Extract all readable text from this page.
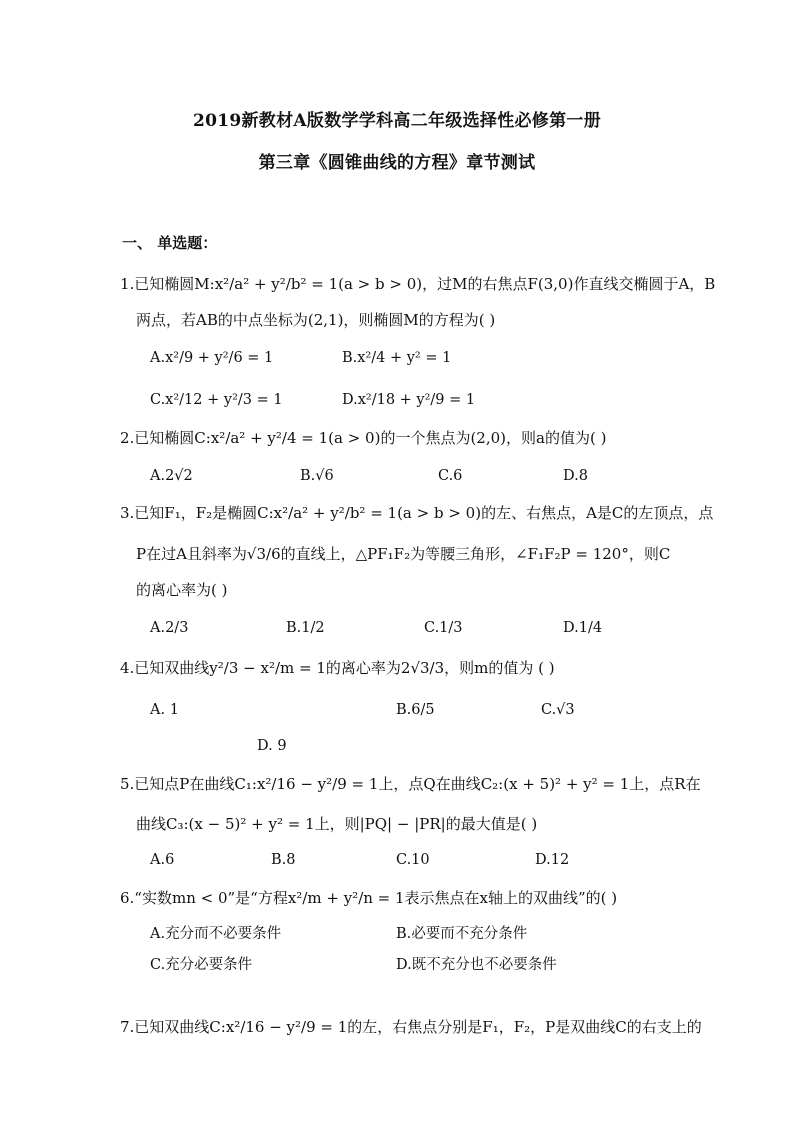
2019新教材A版数学学科高二年级选择性必修第一册
第三章《圆锥曲线的方程》章节测试
一、 单选题：
1.已知椭圆M:x²/a² + y²/b² = 1(a > b > 0)，过M的右焦点F(3,0)作直线交椭圆于A，B
两点，若AB的中点坐标为(2,1)，则椭圆M的方程为( )
A.x²/9 + y²/6 = 1	B.x²/4 + y² = 1
C.x²/12 + y²/3 = 1	D.x²/18 + y²/9 = 1
2.已知椭圆C:x²/a² + y²/4 = 1(a > 0)的一个焦点为(2,0)，则a的值为( )
A.2√2	B.√6	C.6	D.8
3.已知F₁，F₂是椭圆C:x²/a² + y²/b² = 1(a > b > 0)的左、右焦点，A是C的左顶点，点
P在过A且斜率为√3/6的直线上，△PF₁F₂为等腰三角形，∠F₁F₂P = 120°，则C
的离心率为( )
A.2/3	B.1/2	C.1/3	D.1/4
4.已知双曲线y²/3 − x²/m = 1的离心率为2√3/3，则m的值为 ( )
A. 1	B.6/5	C.√3
D. 9
5.已知点P在曲线C₁:x²/16 − y²/9 = 1上，点Q在曲线C₂:(x + 5)² + y² = 1上，点R在
曲线C₃:(x − 5)² + y² = 1上，则|PQ| − |PR|的最大值是( )
A.6	B.8	C.10	D.12
6.“实数mn < 0”是“方程x²/m + y²/n = 1表示焦点在x轴上的双曲线”的( )
A.充分而不必要条件	B.必要而不充分条件
C.充分必要条件	D.既不充分也不必要条件
7.已知双曲线C:x²/16 − y²/9 = 1的左，右焦点分别是F₁，F₂，P是双曲线C的右支上的
